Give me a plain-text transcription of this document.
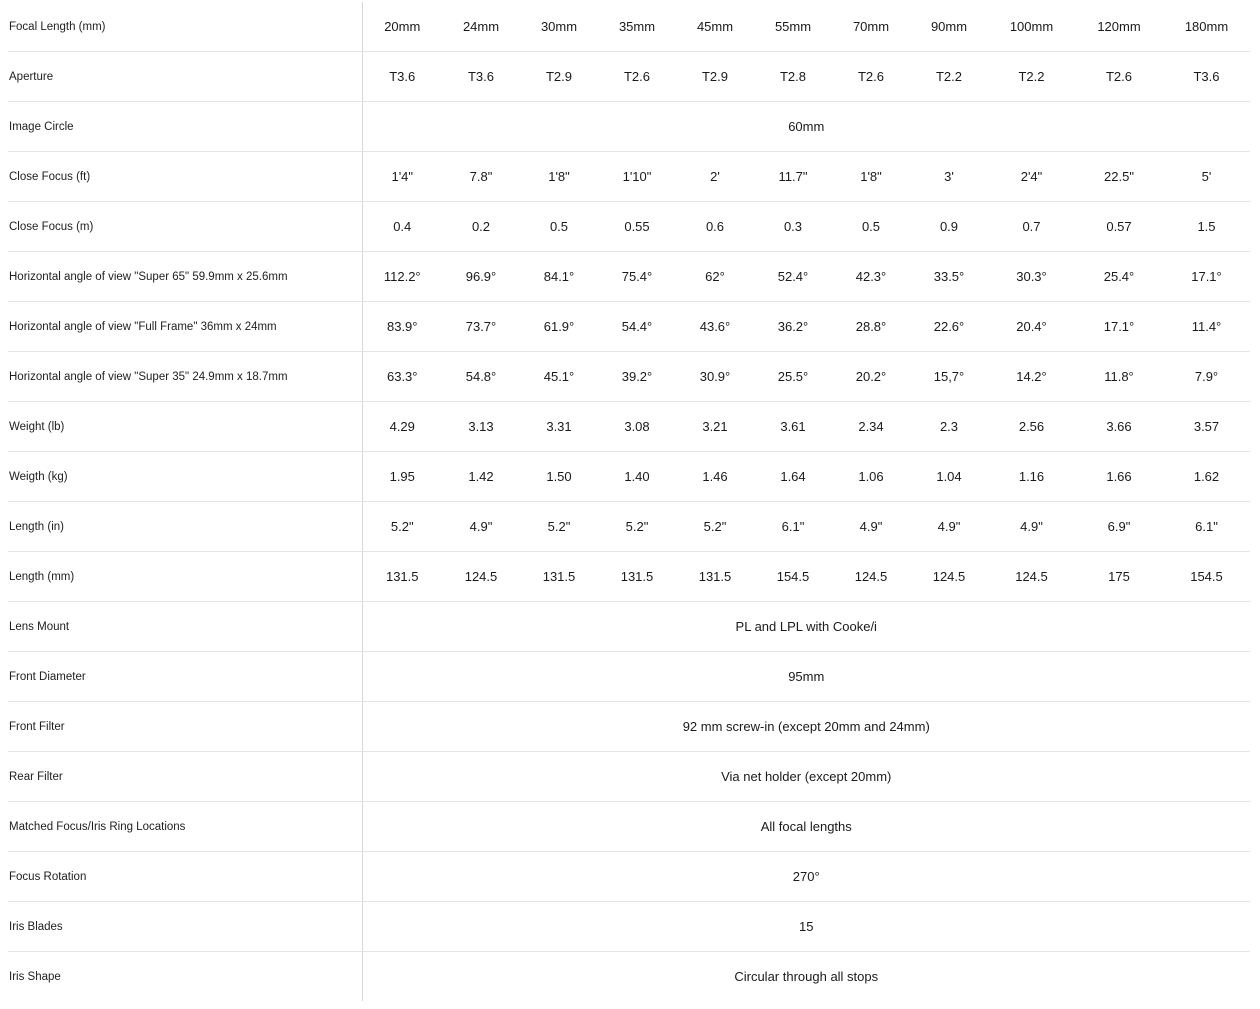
Focal Length (mm)	20mm	24mm	30mm	35mm	45mm	55mm	70mm	90mm	100mm	120mm	180mm
Aperture	T3.6	T3.6	T2.9	T2.6	T2.9	T2.8	T2.6	T2.2	T2.2	T2.6	T3.6
Image Circle	60mm										
Close Focus (ft)	1'4"	7.8"	1'8"	1'10"	2'	11.7"	1'8"	3'	2'4"	22.5"	5'
Close Focus (m)	0.4	0.2	0.5	0.55	0.6	0.3	0.5	0.9	0.7	0.57	1.5
Horizontal angle of view "Super 65" 59.9mm x 25.6mm	112.2°	96.9°	84.1°	75.4°	62°	52.4°	42.3°	33.5°	30.3°	25.4°	17.1°
Horizontal angle of view "Full Frame" 36mm x 24mm	83.9°	73.7°	61.9°	54.4°	43.6°	36.2°	28.8°	22.6°	20.4°	17.1°	11.4°
Horizontal angle of view "Super 35" 24.9mm x 18.7mm	63.3°	54.8°	45.1°	39.2°	30.9°	25.5°	20.2°	15,7°	14.2°	11.8°	7.9°
Weight (lb)	4.29	3.13	3.31	3.08	3.21	3.61	2.34	2.3	2.56	3.66	3.57
Weigth (kg)	1.95	1.42	1.50	1.40	1.46	1.64	1.06	1.04	1.16	1.66	1.62
Length (in)	5.2"	4.9"	5.2"	5.2"	5.2"	6.1"	4.9"	4.9"	4.9"	6.9"	6.1"
Length (mm)	131.5	124.5	131.5	131.5	131.5	154.5	124.5	124.5	124.5	175	154.5
Lens Mount	PL and LPL with Cooke/i										
Front Diameter	95mm										
Front Filter	92 mm screw-in (except 20mm and 24mm)										
Rear Filter	Via net holder (except 20mm)										
Matched Focus/Iris Ring Locations	All focal lengths										
Focus Rotation	270°										
Iris Blades	15										
Iris Shape	Circular through all stops										
